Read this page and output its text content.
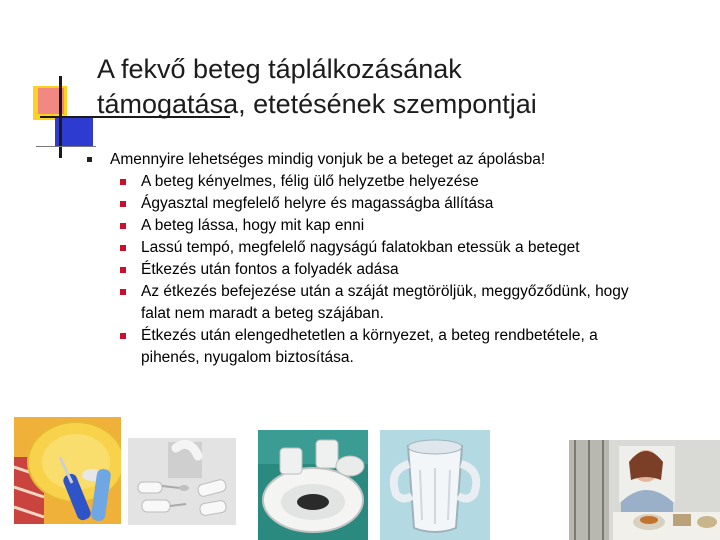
A fekvő beteg táplálkozásának
támogatása, etetésének szempontjai
Amennyire lehetséges mindig vonjuk be a beteget az ápolásba!
A beteg kényelmes, félig ülő helyzetbe helyezése
Ágyasztal megfelelő helyre és magasságba állítása
A beteg lássa, hogy mit kap enni
Lassú tempó, megfelelő nagyságú falatokban etessük a beteget
Étkezés után fontos a folyadék adása
Az étkezés befejezése után a száját megtöröljük, meggyőződünk, hogy falat nem maradt a beteg szájában.
Étkezés után elengedhetetlen a környezet, a beteg rendbetétele, a pihenés, nyugalom biztosítása.
